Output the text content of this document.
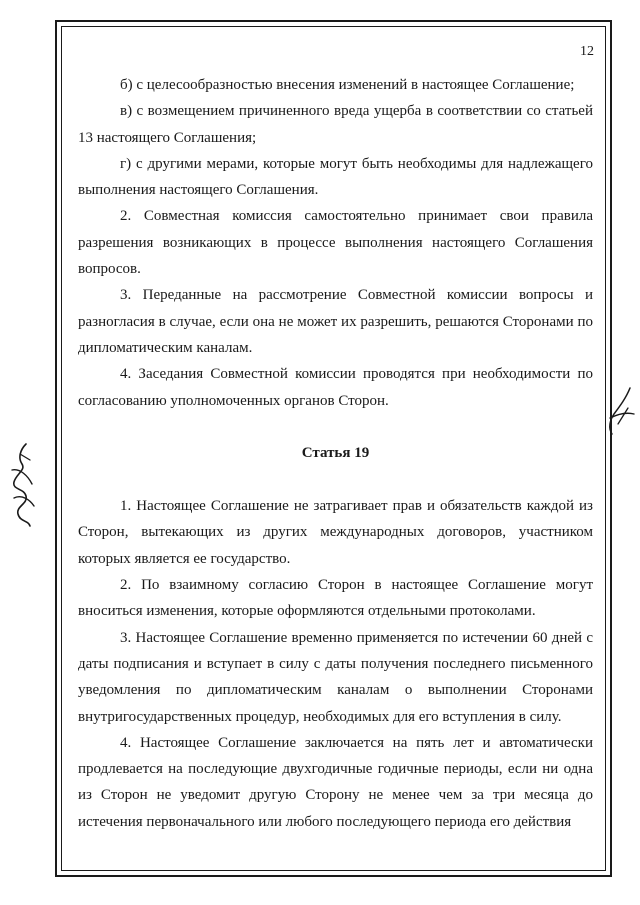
12

б) с целесообразностью внесения изменений в настоящее Соглашение;

в) с возмещением причиненного вреда ущерба в соответствии со статьей 13 настоящего Соглашения;

г) с другими мерами, которые могут быть необходимы для надлежащего выполнения настоящего Соглашения.

2. Совместная комиссия самостоятельно принимает свои правила разрешения возникающих в процессе выполнения настоящего Соглашения вопросов.

3. Переданные на рассмотрение Совместной комиссии вопросы и разногласия в случае, если она не может их разрешить, решаются Сторонами по дипломатическим каналам.

4. Заседания Совместной комиссии проводятся при необходимости по согласованию уполномоченных органов Сторон.

Статья 19

1. Настоящее Соглашение не затрагивает прав и обязательств каждой из Сторон, вытекающих из других международных договоров, участником которых является ее государство.

2. По взаимному согласию Сторон в настоящее Соглашение могут вноситься изменения, которые оформляются отдельными протоколами.

3. Настоящее Соглашение временно применяется по истечении 60 дней с даты подписания и вступает в силу с даты получения последнего письменного уведомления по дипломатическим каналам о выполнении Сторонами внутригосударственных процедур, необходимых для его вступления в силу.

4. Настоящее Соглашение заключается на пять лет и автоматически продлевается на последующие двухгодичные годичные периоды, если ни одна из Сторон не уведомит другую Сторону не менее чем за три месяца до истечения первоначального или любого последующего периода его действия
